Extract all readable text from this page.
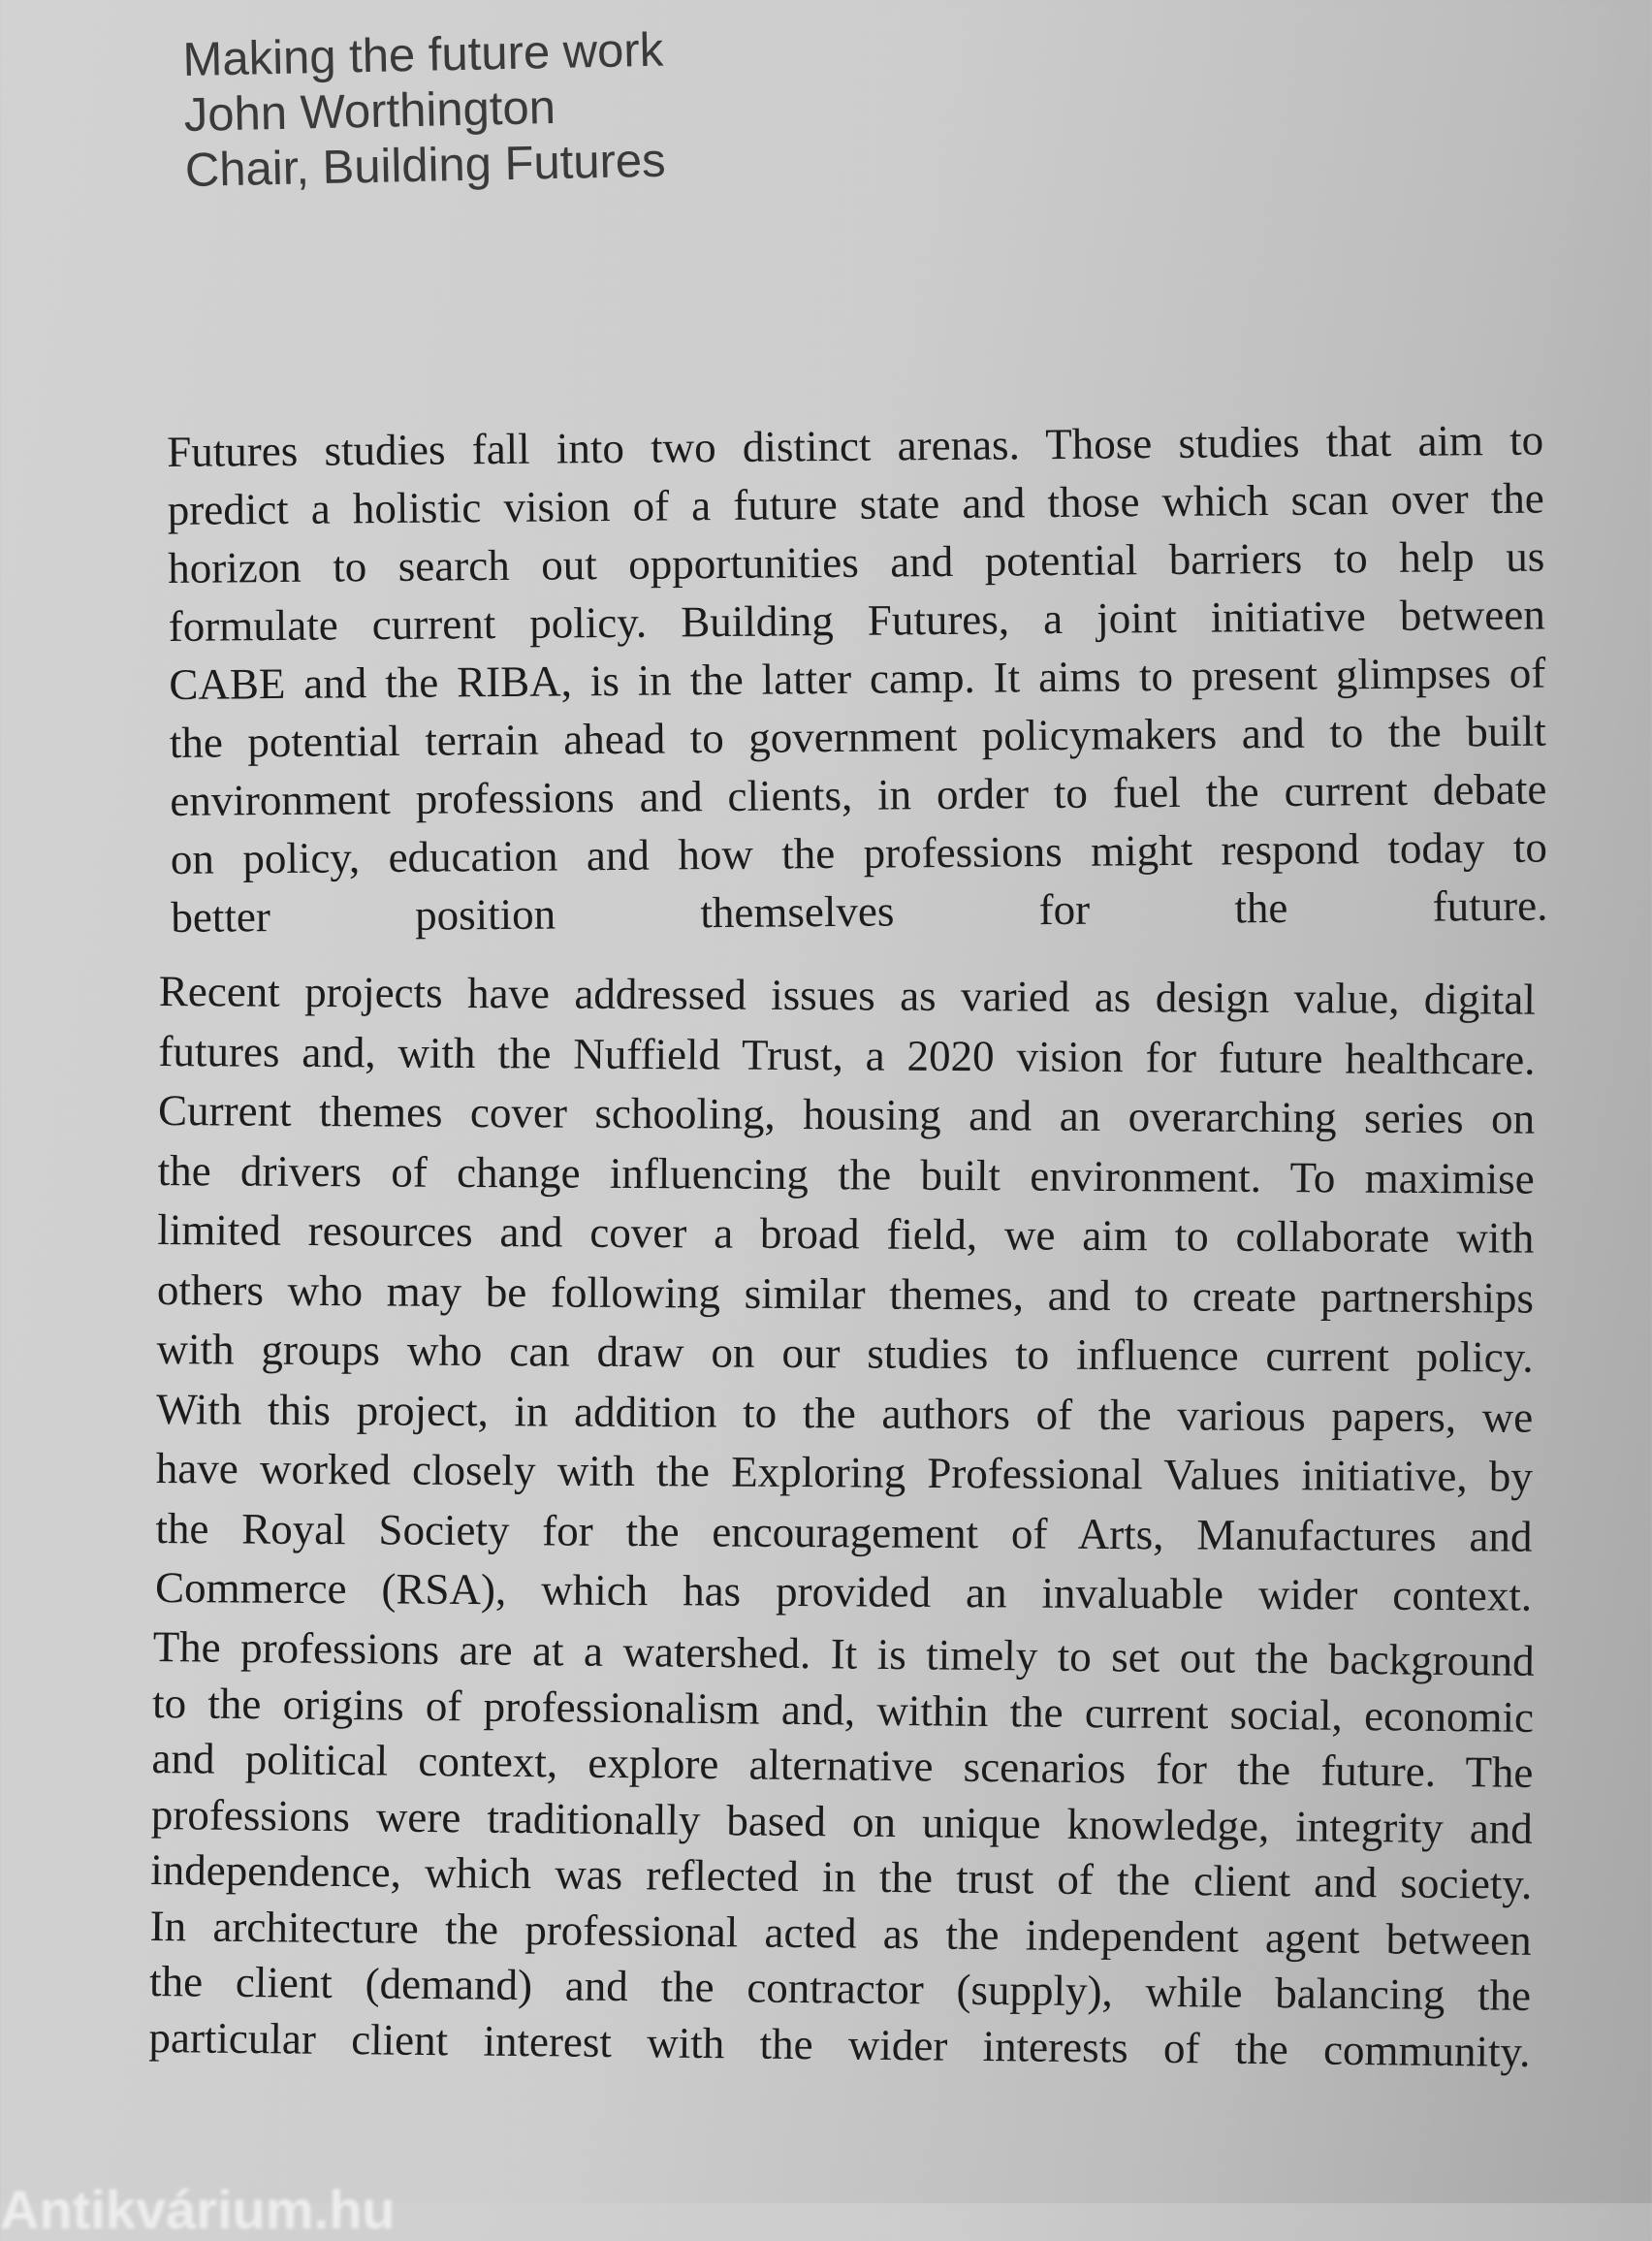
Making the future work
John Worthington
Chair, Building Futures
Futures studies fall into two distinct arenas. Those studies that aim to
predict a holistic vision of a future state and those which scan over the
horizon to search out opportunities and potential barriers to help us
formulate current policy. Building Futures, a joint initiative between
CABE and the RIBA, is in the latter camp. It aims to present glimpses of
the potential terrain ahead to government policymakers and to the built
environment professions and clients, in order to fuel the current debate
on policy, education and how the professions might respond today to
better position themselves for the future.
Recent projects have addressed issues as varied as design value, digital
futures and, with the Nuffield Trust, a 2020 vision for future healthcare.
Current themes cover schooling, housing and an overarching series on
the drivers of change influencing the built environment. To maximise
limited resources and cover a broad field, we aim to collaborate with
others who may be following similar themes, and to create partnerships
with groups who can draw on our studies to influence current policy.
With this project, in addition to the authors of the various papers, we
have worked closely with the Exploring Professional Values initiative, by
the Royal Society for the encouragement of Arts, Manufactures and
Commerce (RSA), which has provided an invaluable wider context.
The professions are at a watershed. It is timely to set out the background
to the origins of professionalism and, within the current social, economic
and political context, explore alternative scenarios for the future. The
professions were traditionally based on unique knowledge, integrity and
independence, which was reflected in the trust of the client and society.
In architecture the professional acted as the independent agent between
the client (demand) and the contractor (supply), while balancing the
particular client interest with the wider interests of the community.
Antikvárium.hu
